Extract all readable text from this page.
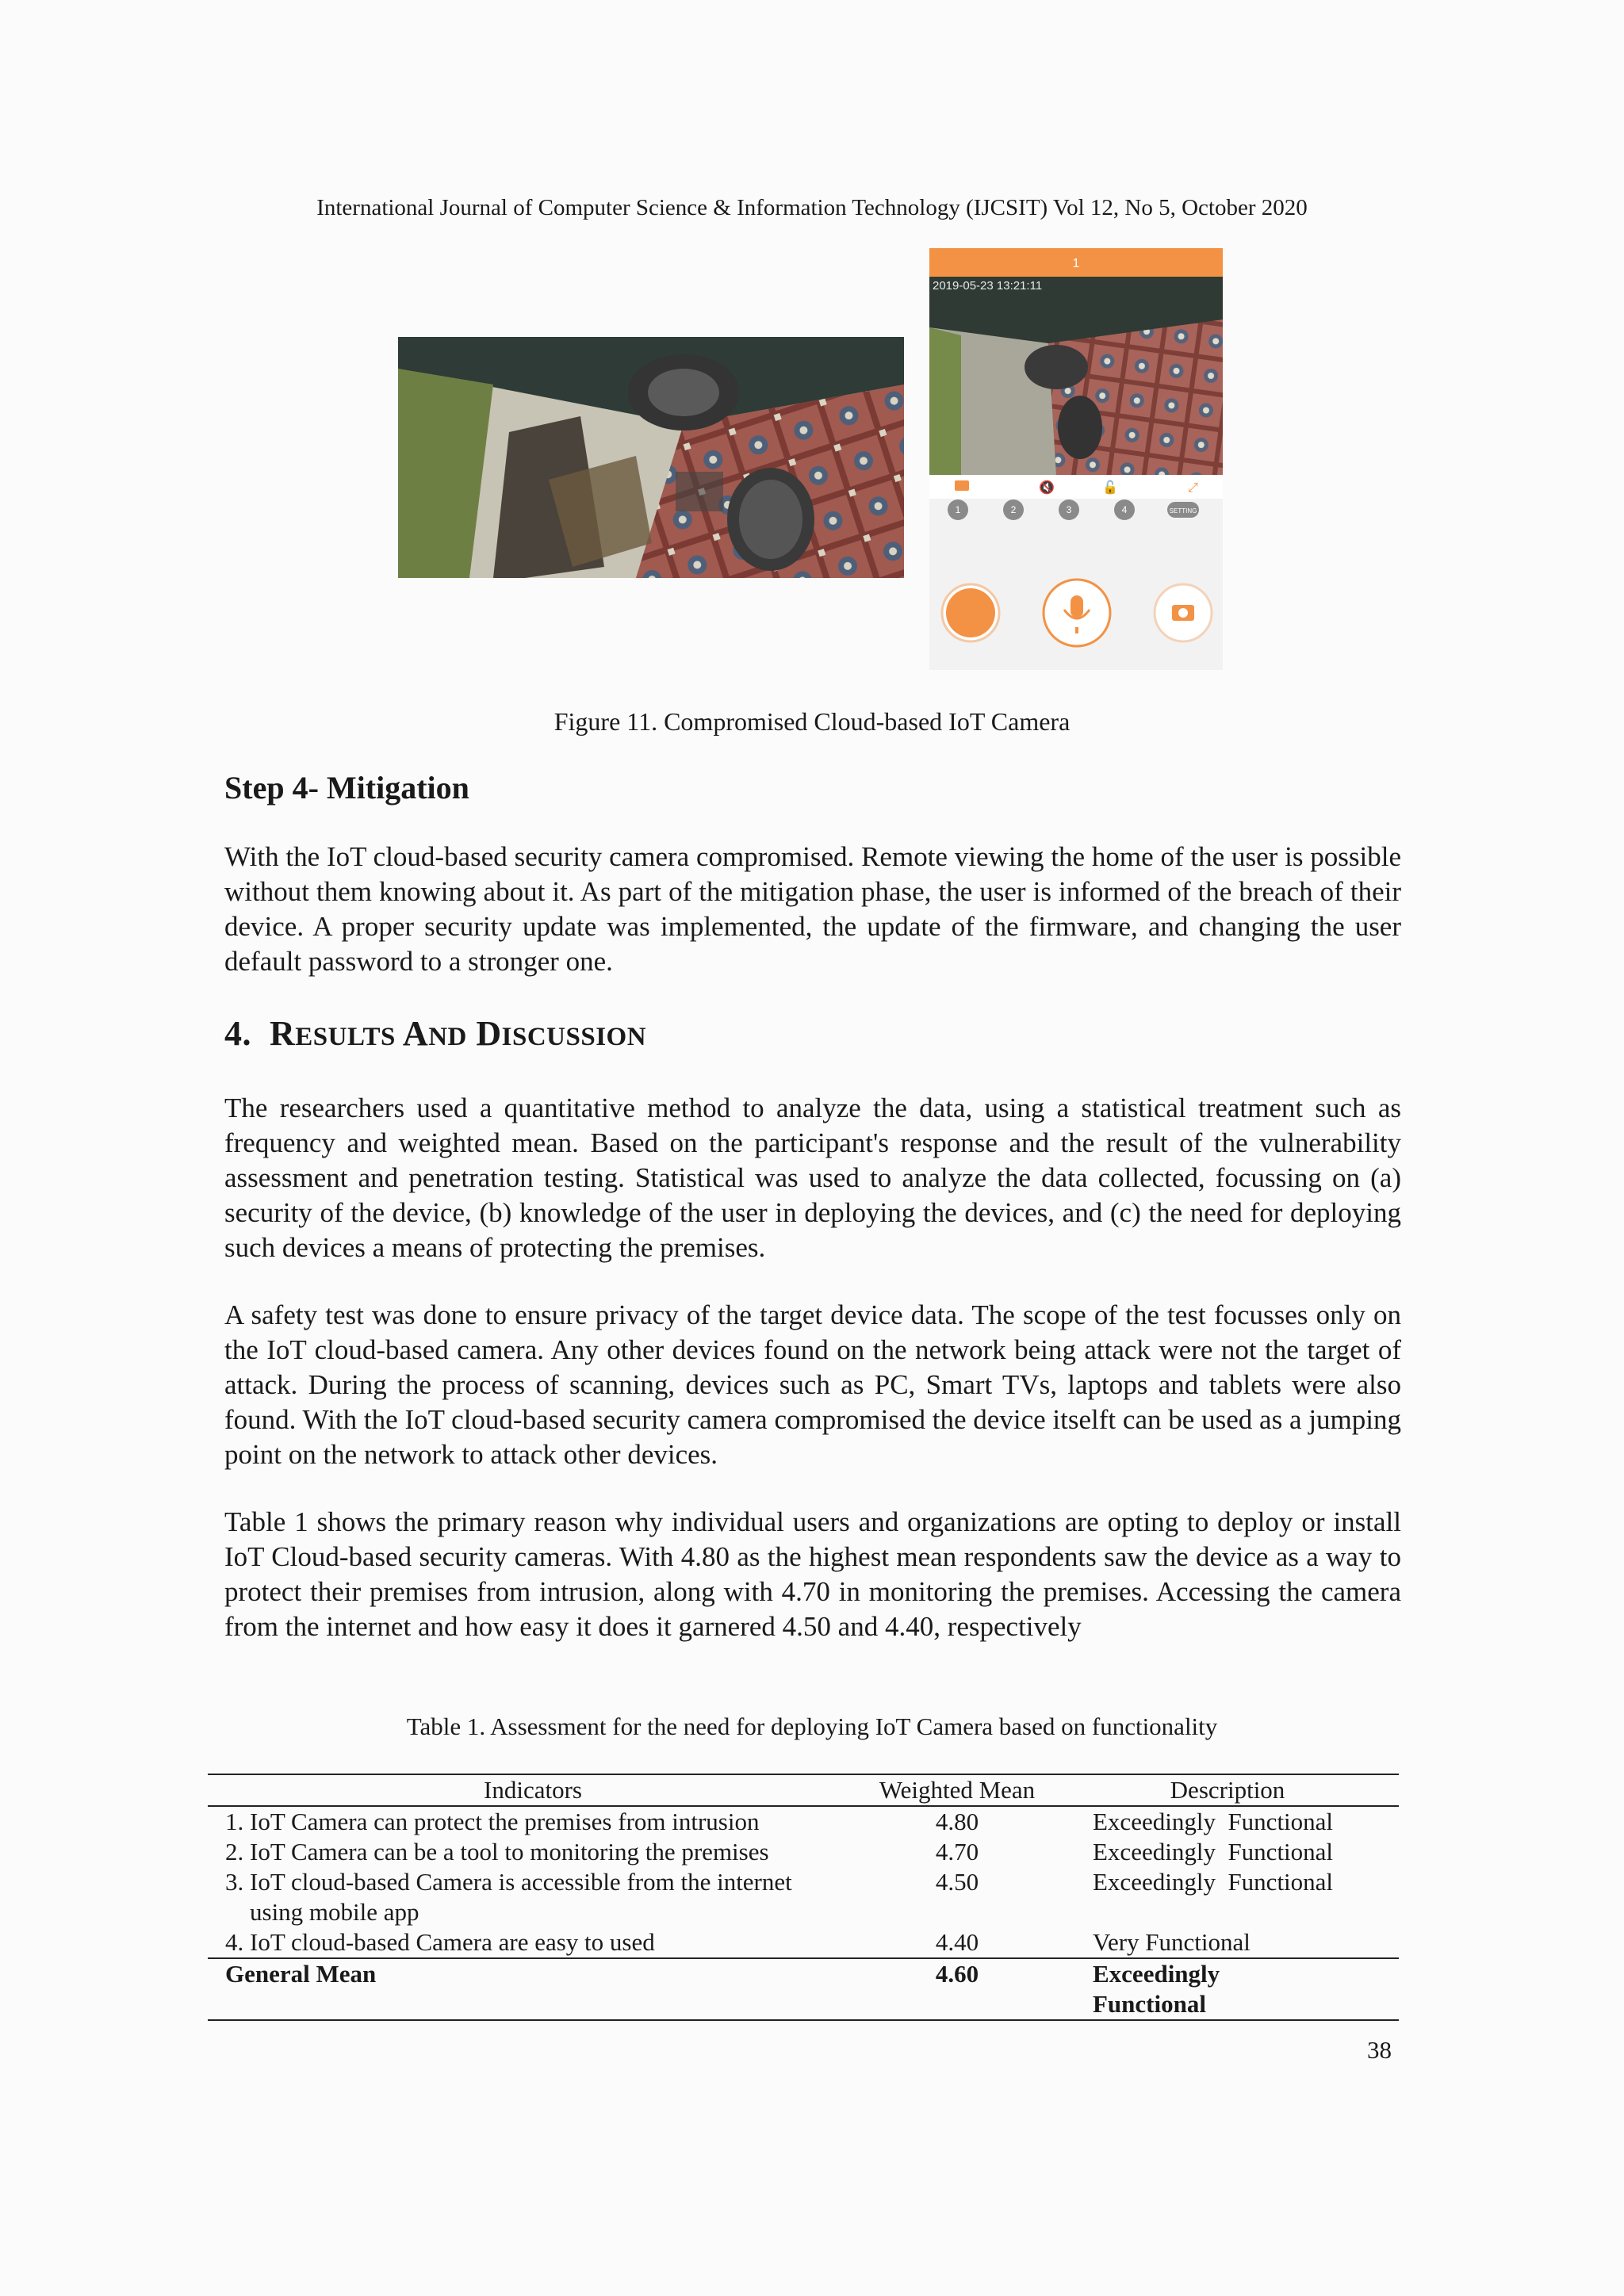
International Journal of Computer Science & Information Technology (IJCSIT) Vol 12, No 5, October 2020
1
2019-05-23 13:21:11
🔇	🔓	⤢
1	2	3	4	SETTING
Figure 11. Compromised Cloud-based IoT Camera
Step 4- Mitigation
With the IoT cloud-based security camera compromised. Remote viewing the home of the user is possible without them knowing about it. As part of the mitigation phase, the user is informed of the breach of their device. A proper security update was implemented, the update of the firmware, and changing the user default password to a stronger one.
4. RESULTS AND DISCUSSION
The researchers used a quantitative method to analyze the data, using a statistical treatment such as frequency and weighted mean. Based on the participant's response and the result of the vulnerability assessment and penetration testing. Statistical was used to analyze the data collected, focussing on (a) security of the device, (b) knowledge of the user in deploying the devices, and (c) the need for deploying such devices a means of protecting the premises.
A safety test was done to ensure privacy of the target device data. The scope of the test focusses only on the IoT cloud-based camera. Any other devices found on the network being attack were not the target of attack. During the process of scanning, devices such as PC, Smart TVs, laptops and tablets were also found. With the IoT cloud-based security camera compromised the device itselft can be used as a jumping point on the network to attack other devices.
Table 1 shows the primary reason why individual users and organizations are opting to deploy or install IoT Cloud-based security cameras. With 4.80 as the highest mean respondents saw the device as a way to protect their premises from intrusion, along with 4.70 in monitoring the premises. Accessing the camera from the internet and how easy it does it garnered 4.50 and 4.40, respectively
Table 1. Assessment for the need for deploying IoT Camera based on functionality
Indicators	Weighted Mean	Description
1. IoT Camera can protect the premises from intrusion	4.80	Exceedingly  Functional
2. IoT Camera can be a tool to monitoring the premises	4.70	Exceedingly  Functional
3. IoT cloud-based Camera is accessible from the internet	4.50	Exceedingly  Functional
using mobile app		
4. IoT cloud-based Camera are easy to used	4.40	Very Functional
General Mean	4.60	Exceedingly
Functional
38
